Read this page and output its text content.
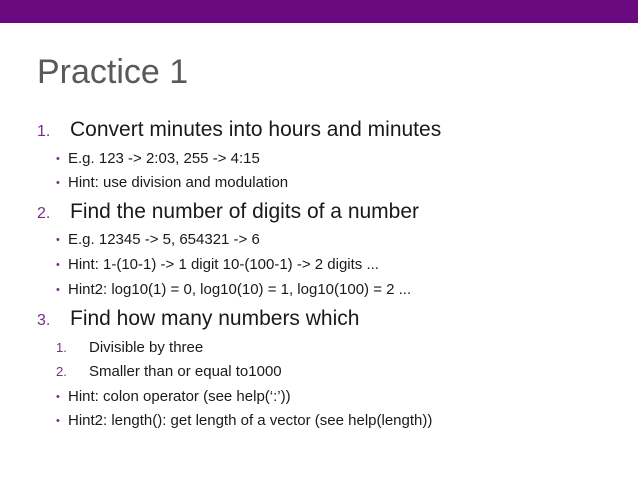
Practice 1
1. Convert minutes into hours and minutes
• E.g. 123 -> 2:03, 255 -> 4:15
• Hint: use division and modulation
2. Find the number of digits of a number
• E.g. 12345 -> 5, 654321 -> 6
• Hint: 1-(10-1) -> 1 digit 10-(100-1) -> 2 digits ...
• Hint2: log10(1) = 0, log10(10) = 1, log10(100) = 2 ...
3. Find how many numbers which
1. Divisible by three
2. Smaller than or equal to1000
• Hint: colon operator (see help(‘:’))
• Hint2: length(): get length of a vector (see help(length))
